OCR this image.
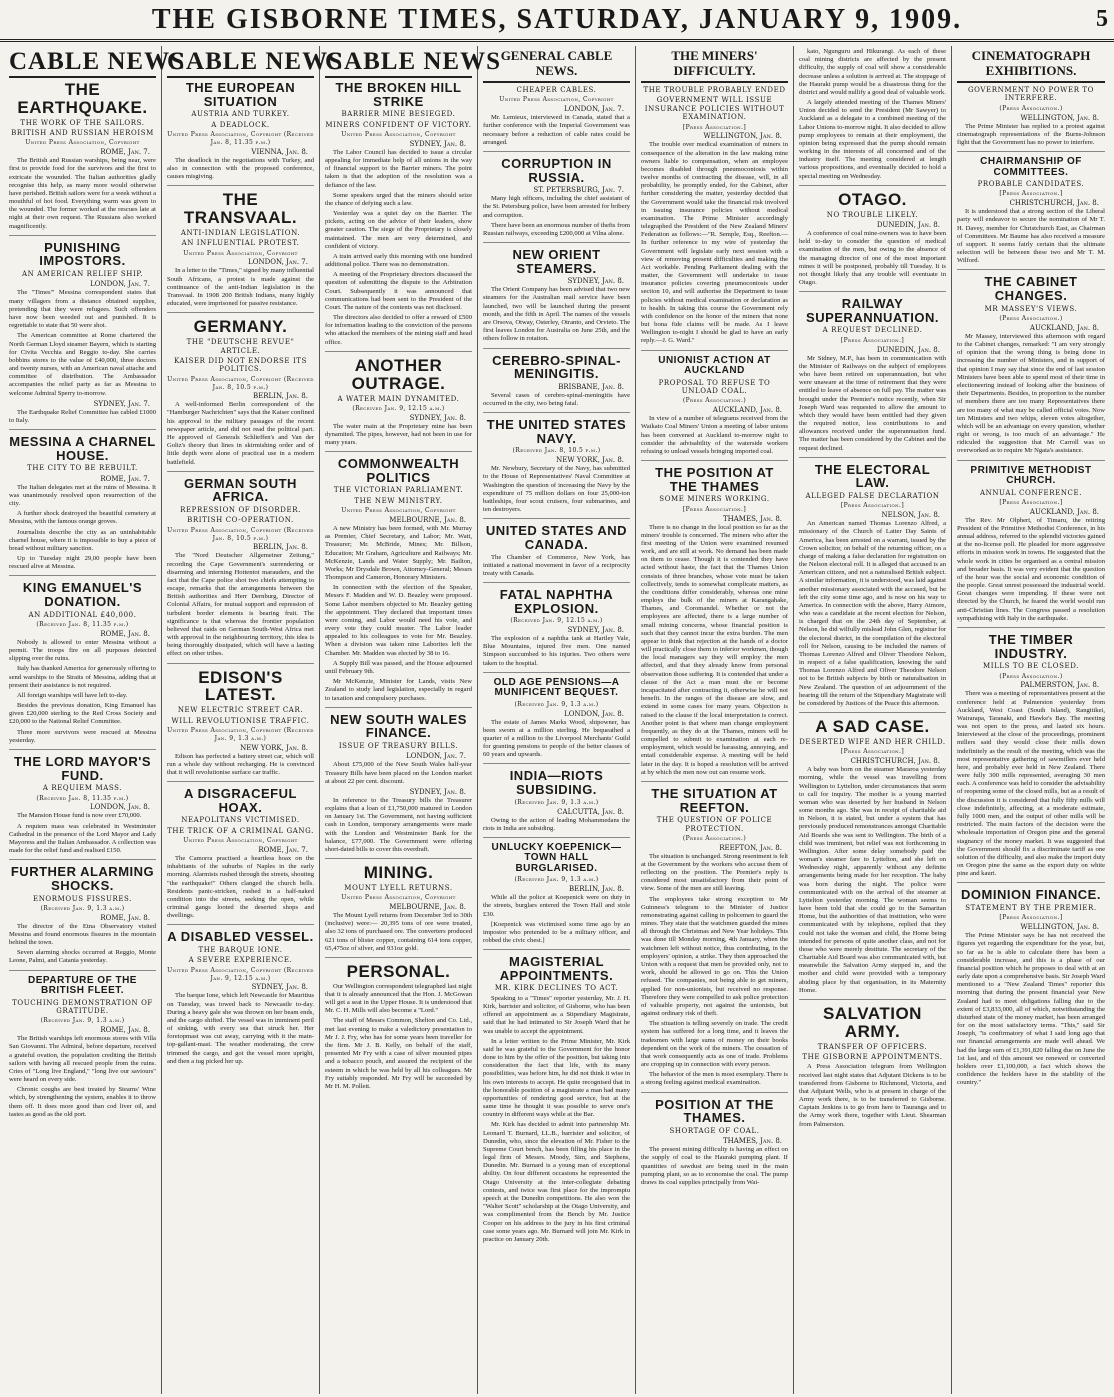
THE GISBORNE TIMES, SATURDAY, JANUARY 9, 1909.	5
CABLE NEWS
THE EARTHQUAKE.
THE WORK OF THE SAILORS.
BRITISH AND RUSSIAN HEROISM
United Press Association, Copyright
ROME, Jan. 7.

The British and Russian warships, being near, were first to provide food for the survivors and the first to extricate the wounded. The Italian authorities gladly recognise this help, as many more would otherwise have perished. British sailors were for a week without a mouthful of hot food. Everything warm was given to the wounded. The former worked at the rescues late at night at their own request. The Russians also worked magnificently.

PUNISHING IMPOSTORS.
AN AMERICAN RELIEF SHIP.
LONDON, Jan. 7.

The "Times'" Messina correspondent states that many villagers from a distance obtained supplies, pretending that they were refugees. Such offenders have now been weeded out and punished. It is regrettable to state that 50 were shot.

The American committee at Rome chartered the North German Lloyd steamer Bayern, which is starting for Civita Vecchia and Reggio to-day. She carries bobbins stores to the value of £40,000, three doctors and twenty nurses, with an American naval attache and committee of distribution. The Ambassador accompanies the relief party as far as Messina to welcome Admiral Sperry to-morrow.

SYDNEY, Jan. 7.

The Earthquake Relief Committee has cabled £1000 to Italy.

MESSINA A CHARNEL HOUSE.
THE CITY TO BE REBUILT.
ROME, Jan. 7.

The Italian delegates met at the ruins of Messina. It was unanimously resolved upon resurrection of the city.

A further shock destroyed the beautiful cemetery at Messina, with the famous orange groves.

Journalists describe the city as an uninhabitable charnel house, where it is impossible to buy a piece of bread without military sanction.

Up to Tuesday night 29,00 people have been rescued alive at Messina.

KING EMANUEL'S DONATION.
AN ADDITIONAL £40,000.
(Received Jan. 8, 11.35 p.m.)
ROME, Jan. 8.

Nobody is allowed to enter Messina without a permit. The troops fire on all purposes detected slipping over the ruins.

Italy has thanked America for generously offering to send warships to the Straits of Messina, adding that at present their assistance is not required.

All foreign warships will have left to-day.

Besides the previous donation, King Emanuel has given £20,000 sterling to the Red Cross Society and £20,000 to the National Relief Committee.

Three more survivors were rescued at Messina yesterday.

THE LORD MAYOR'S FUND.
A REQUIEM MASS.
(Received Jan. 8, 11.35 p.m.)
LONDON, Jan. 8.

The Mansion House fund is now over £70,000.

A requiem mass was celebrated in Westminster Cathedral in the presence of the Lord Mayor and Lady Mayoress and the Italian Ambassador. A collection was made for the relief fund and realised £150.

FURTHER ALARMING SHOCKS.
ENORMOUS FISSURES.
(Received Jan. 9, 1.3 a.m.)
ROME, Jan. 8.

The director of the Etna Observatory visited Messina and found enormous fissures in the mountain behind the town.

Seven alarming shocks occurred at Reggio, Monte Leone, Palmi, and Catania yesterday.

DEPARTURE OF THE BRITISH FLEET.
TOUCHING DEMONSTRATION OF GRATITUDE.
(Received Jan. 9, 1.3 a.m.)
ROME, Jan. 8.

The British warships left enormous stores with Villa San Giovanni. The Admiral, before departure, received a grateful ovation, the population crediting the British sailors with having all rescued people from the ruins. Cries of "Long live England," "long live our saviours" were heard on every side.

Chronic coughs are best treated by Stearns' Wine which, by strengthening the system, enables it to throw them off. It does more good than cod liver oil, and tastes as good as the old port.

CABLE NEWS
THE EUROPEAN SITUATION
AUSTRIA AND TURKEY.
A DEADLOCK.
United Press Association, Copyright (Received Jan. 8, 11.35 p.m.)
VIENNA, Jan. 8.

The deadlock in the negotiations with Turkey, and also in connection with the proposed conference, causes misgiving.

THE TRANSVAAL.
ANTI-INDIAN LEGISLATION.
AN INFLUENTIAL PROTEST.
United Press Association, Copyright
LONDON, Jan. 7.

In a letter to the "Times," signed by many influential South Africans, a protest is made against the continuance of the anti-Indian legislation in the Transvaal. In 1908 200 British Indians, many highly educated, were imprisoned for passive resistance.

GERMANY.
THE "DEUTSCHE REVUE" ARTICLE.
KAISER DID NOT ENDORSE ITS POLITICS.
United Press Association, Copyright (Received Jan. 8, 10.5 p.m.)
BERLIN, Jan. 8.

A well-informed Berlin correspondent of the "Hamburger Nachrichten" says that the Kaiser confined his approval to the military passages of the recent newspaper article, and did not read the political part. He approved of Generals Schlieffen's and Van der Goltz's theory that lines in skirmishing order and of little depth were alone of practical use in a modern battlefield.

GERMAN SOUTH AFRICA.
REPRESSION OF DISORDER.
BRITISH CO-OPERATION.
United Press Association, Copyright (Received Jan. 8, 10.5 p.m.)
BERLIN, Jan. 8.

The "Nord Deutscher Allgemeiner Zeitung," recording the Cape Government's surrendering or disarming and interning Hottentot marauders, and the fact that the Cape police shot two chiefs attempting to escape, remarks that the arrangements between the British authorities and Herr Dernburg, Director of Colonial Affairs, for mutual support and repression of turbulent border elements is bearing fruit. The significance is that whereas the frontier population believed that raids on German South-West Africa met with approval in the neighbouring territory, this idea is being thoroughly dissipated, which will have a lasting effect on other tribes.

EDISON'S LATEST.
NEW ELECTRIC STREET CAR.
WILL REVOLUTIONISE TRAFFIC.
United Press Association, Copyright (Received Jan. 9, 1.3 a.m.)
NEW YORK, Jan. 8.

Edison has perfected a battery street car, which will run a whole day without recharging. He is convinced that it will revolutionise surface car traffic.

A DISGRACEFUL HOAX.
NEAPOLITANS VICTIMISED.
THE TRICK OF A CRIMINAL GANG.
United Press Association, Copyright
ROME, Jan. 7.

The Camorra practised a heartless hoax on the inhabitants of the suburbs of Naples in the early morning. Alarmists rushed through the streets, shouting "the earthquake!" Others clanged the church bells. Residents panic-stricken, rushed in a half-naked condition into the streets, seeking the open, while criminal gangs looted the deserted shops and dwellings.

A DISABLED VESSEL.
THE BARQUE IONE.
A SEVERE EXPERIENCE.
United Press Association, Copyright (Received Jan. 9, 12.15 a.m.)
SYDNEY, Jan. 8.

The barque Ione, which left Newcastle for Mauritius on Tuesday, was towed back to Newcastle to-day. During a heavy gale she was thrown on her beam ends, and the cargo shifted. The vessel was in imminent peril of sinking, with every sea that struck her. Her foretopmast was cut away, carrying with it the main-top-gallant-mast. The weather moderating, the crew trimmed the cargo, and got the vessel more upright, and then a tug picked her up.

CABLE NEWS
THE BROKEN HILL STRIKE
BARRIER MINE BESIEGED.
MINERS CONFIDENT OF VICTORY.
United Press Association, Copyright
SYDNEY, Jan. 8.

The Labor Council has decided to issue a circular appealing for immediate help of all unions in the way of financial support to the Barrier miners. The point taken is that the adoption of the resolution was a defiance of the law.

Some speakers urged that the miners should seize the chance of defying such a law.

Yesterday was a quiet day on the Barrier. The pickets, acting on the advice of their leaders, show greater caution. The siege of the Proprietary is closely maintained. The men are very determined, and confident of victory.

A train arrived early this morning with one hundred additional police. There was no demonstration.

A meeting of the Proprietary directors discussed the question of submitting the dispute to the Arbitration Court. Subsequently it was announced that communications had been sent to the President of the Court. The nature of the contents was not disclosed.

The directors also decided to offer a reward of £500 for information leading to the conviction of the persons who attacked the members of the mining staff and head office.

ANOTHER OUTRAGE.
A WATER MAIN DYNAMITED.
(Received Jan. 9, 12.15 a.m.)
SYDNEY, Jan. 8.

The water main at the Proprietary mine has been dynamited. The pipes, however, had not been in use for many years.

COMMONWEALTH POLITICS
THE VICTORIAN PARLIAMENT.
THE NEW MINISTRY.
United Press Association, Copyright
MELBOURNE, Jan. 8.

A new Ministry has been formed, with Mr. Murray as Premier, Chief Secretary, and Labor; Mr. Watt, Treasurer; Mr. McBride, Mines; Mr. Billson, Education; Mr Graham, Agriculture and Railways; Mr. McKenzie, Lands and Water Supply; Mr. Bailton, Works; Mr Drysdale Brown, Attorney-General; Messrs Thompson and Cameron, Honorary Ministers.

In connection with the election of the Speaker, Messrs F. Madden and W. D. Beazley were proposed. Some Labor members objected to Mr. Beazley getting the appointment. They declared that important times were coming, and Labor would need his vote, and every vote they could muster. The Labor leader appealed to his colleagues to vote for Mr. Beazley. When a division was taken nine Laborites left the Chamber. Mr. Madden was elected by 38 to 16.

A Supply Bill was passed, and the House adjourned until February 9th.

Mr McKenzie, Minister for Lands, visits New Zealand to study land legislation, especially in regard to taxation and compulsory purchases.

NEW SOUTH WALES FINANCE.
ISSUE OF TREASURY BILLS.
LONDON, Jan. 7.

About £75,000 of the New South Wales half-year Treasury Bills have been placed on the London market at about 22 per cent. discount.

SYDNEY, Jan. 8.

In reference to the Treasury bills the Treasurer explains that a loan of £1,750,000 matured in London on January 1st. The Government, not having sufficient cash in London, temporary arrangements were made with the London and Westminster Bank for the balance, £77,000. The Government were offering short-dated bills to cover this overdraft.

MINING.
MOUNT LYELL RETURNS.
United Press Association, Copyright
MELBOURNE, Jan. 8.

The Mount Lyell returns from December 3rd to 30th (inclusive) were:— 20,395 tons of ore were treated, also 32 tons of purchased ore. The converters produced 621 tons of blister copper, containing 614 tons copper, 65,475oz of silver, and 931oz gold.

PERSONAL.

Our Wellington correspondent telegraphed last night that it is already announced that the Hon. J. McGowan will get a seat in the Upper House. It is understood that Mr. C. H. Mills will also become a "Lord."

The staff of Messrs Common, Shelton and Co. Ltd., met last evening to make a valedictory presentation to Mr J. J. Fry, who has for some years been traveller for the firm. Mr J. B. Kelly, on behalf of the staff, presented Mr Fry with a case of silver mounted pipes and a tobacco pouch, and assured the recipient of the esteem in which he was held by all his colleagues. Mr Fry suitably responded. Mr Fry will be succeeded by Mr H. M. Pollett.

GENERAL CABLE NEWS.
CHEAPER CABLES.
United Press Association, Copyright
LONDON, Jan. 7.

Mr. Lemieux, interviewed in Canada, stated that a further conference with the Imperial Government was necessary before a reduction of cable rates could be arranged.

CORRUPTION IN RUSSIA.
ST. PETERSBURG, Jan. 7.

Many high officers, including the chief assistant of the St. Petersburg police, have been arrested for bribery and corruption.

There have been an enormous number of thefts from Russian railways, exceeding £200,000 at Vilna alone.

NEW ORIENT STEAMERS.
SYDNEY, Jan. 8.

The Orient Company has been advised that two new steamers for the Australian mail service have been launched, two will be launched during the present month, and the fifth in April. The names of the vessels are Orsova, Otway, Osterley, Otranto, and Orvieto. The first leaves London for Australia on June 25th, and the others follow in rotation.

CEREBRO-SPINAL-MENINGITIS.
BRISBANE, Jan. 8.

Several cases of cerebro-spinal-meningitis have occurred in the city, two being fatal.

THE UNITED STATES NAVY.
(Received Jan. 8, 10.5 p.m.)
NEW YORK, Jan. 8.

Mr. Newbury, Secretary of the Navy, has submitted to the House of Representatives' Naval Committee at Washington the question of increasing the Navy by the expenditure of 75 million dollars on four 25,000-ton battleships, four scout cruisers, four submarines, and ten destroyers.

UNITED STATES AND CANADA.

The Chamber of Commerce, New York, has initiated a national movement in favor of a reciprocity treaty with Canada.

FATAL NAPHTHA EXPLOSION.
(Received Jan. 9, 12.15 a.m.)
SYDNEY, Jan. 8.

The explosion of a naphtha tank at Hartley Vale, Blue Mountains, injured five men. One named Simpson succumbed to his injuries. Two others were taken to the hospital.

OLD AGE PENSIONS—A MUNIFICENT BEQUEST.
(Received Jan. 9, 1.3 a.m.)
LONDON, Jan. 8.

The estate of James Marks Wood, shipowner, has been sworn at a million sterling. He bequeathed a quarter of a million to the Liverpool Merchants' Guild for granting pensions to people of the better classes of 60 years and upwards.

INDIA—RIOTS SUBSIDING.
(Received Jan. 9, 1.3 a.m.)
CALCUTTA, Jan. 8.

Owing to the action of leading Mohammedans the riots in India are subsiding.

UNLUCKY KOEPENICK—TOWN HALL BURGLARISED.
(Received Jan. 9, 1.3 a.m.)
BERLIN, Jan. 8.

While all the police at Koepenick were on duty in the streets, burglars entered the Town Hall and stole £30.

[Koepenick was victimised some time ago by an impostor who pretended to be a military officer, and robbed the civic chest.]

MAGISTERIAL APPOINTMENTS.
MR. KIRK DECLINES TO ACT.

Speaking to a "Times" reporter yesterday, Mr. J. H. Kirk, barrister and solicitor, of Gisborne, who has been offered an appointment as a Stipendiary Magistrate, said that he had intimated to Sir Joseph Ward that he was unable to accept the appointment.

In a letter written to the Prime Minister, Mr. Kirk said he was grateful to the Government for the honor done to him by the offer of the position, but taking into consideration the fact that life, with its many possibilities, was before him, he did not think it wise in his own interests to accept. He quite recognised that in the honorable position of a magistrate a man had many opportunities of rendering good service, but at the same time he thought it was possible to serve one's country in different ways while at the Bar.

Mr. Kirk has decided to admit into partnership Mr. Leonard T. Burnard, LL.B., barrister and solicitor, of Dunedin, who, since the elevation of Mr. Fisher to the Supreme Court bench, has been filling his place in the legal firm of Messrs. Moody, Sim, and Stephens, Dunedin. Mr. Burnard is a young man of exceptional ability. On four different occasions he represented the Otago University at the inter-collegiate debating contests, and twice was first place for the impromptu speech at the Dunedin competitions. He also won the "Walter Scott" scholarship at the Otago University, and was complimented from the Bench by Mr. Justice Cooper on his address to the jury in his first criminal case some years ago. Mr. Burnard will join Mr. Kirk in practice on January 20th.

THE MINERS' DIFFICULTY.
THE TROUBLE PROBABLY ENDED
GOVERNMENT WILL ISSUE INSURANCE POLICIES WITHOUT EXAMINATION.
[Press Association.]
WELLINGTON, Jan. 8.

The trouble over medical examination of miners in consequence of the alteration in the law making mine owners liable to compensation, when an employee becomes disabled through pneumoconiosis within twelve months of contracting the disease, will, in all probability, be promptly ended, for the Cabinet, after further considering the matter, yesterday decided that the Government would take the financial risk involved in issuing insurance policies without medical examination. The Prime Minister accordingly telegraphed the President of the New Zealand Miners' Federation as follows:—"R. Semple, Esq., Reefton.—In further reference to my wire of yesterday the Government will legislate early next session with a view of removing present difficulties and making the Act workable. Pending Parliament dealing with the matter, the Government will undertake to issue insurance policies covering pneumoconiosis under section 10, and will authorise the Department to issue policies without medical examination or declaration as to health. In taking this course the Government rely with confidence on the honor of the miners that none but bona fide claims will be made. As I leave Wellington to-night I should be glad to have an early reply.—J. G. Ward."

UNIONIST ACTION AT AUCKLAND
PROPOSAL TO REFUSE TO UNLOAD COAL.
(Press Association.)
AUCKLAND, Jan. 8.

In view of a number of telegrams received from the Waikato Coal Miners' Union a meeting of labor unions has been convened at Auckland to-morrow night to consider the advisability of the waterside workers refusing to unload vessels bringing imported coal.

THE POSITION AT THE THAMES
SOME MINERS WORKING.
[Press Association.]
THAMES, Jan. 8.

There is no change in the local position so far as the miners' trouble is concerned. The miners who after the first meeting of the Union were examined resumed work, and are still at work. No demand has been made on them to cease. Though it is contended they have acted without haste, the fact that the Thames Union consists of three branches, whose vote must be taken collectively, tends to somewhat complicate matters, as the conditions differ considerably, whereas one mine employs the bulk of the miners at Karangahake, Thames, and Coromandel. Whether or not the employees are affected, there is a large number of small mining concerns, whose financial position is such that they cannot incur the extra burden. The men appear to think that rejection at the hands of a doctor will practically close them to inferior workmen, though the local managers say they will employ the men affected, and that they already know from personal observation those suffering. It is contended that under a clause of the Act a man must die or become incapacitated after contracting it, otherwise he will not benefit. In the ranges of the disease are slow, and extend in some cases for many years. Objection is raised to the clause if the local interpretation is correct. Another point is that where man change employment frequently, as they do at the Thames, miners will be compelled to submit to examination at each re-employment, which would be harassing, annoying, and entail considerable expense. A meeting will be held later in the day. It is hoped a resolution will be arrived at by which the men now out can resume work.

THE SITUATION AT REEFTON.
THE QUESTION OF POLICE PROTECTION.
(Press Association.)
REEFTON, Jan. 8.

The situation is unchanged. Strong resentment is felt at the Government by the workers who accuse them of reflecting on the position. The Premier's reply is considered most unsatisfactory from their point of view. Some of the men are still leaving.

The employees take strong exception to Mr Guinness's telegram to the Minister of Justice remonstrating against calling in policemen to guard the mines. They state that the watchmen guarded the mines all through the Christmas and New Year holidays. This was done till Monday morning, 4th January, when the watchmen left without notice, thus contributing, in the employers' opinion, a strike. They then approached the Union with a request that men be provided only, not to work, should be allowed to go on. This the Union refused. The companies, not being able to get miners, applied for non-unionists, but received no response. Therefore they were compelled to ask police protection of valuable property, not against the unionists, but against ordinary risk of theft.

The situation is telling severely on trade. The credit system has suffered for a long time, and it leaves the tradesmen with large sums of money on their books dependent on the work of the miners. The cessation of that work consequently acts as one of trade. Problems are cropping up in connection with every person.

The behavior of the men is most exemplary. There is a strong feeling against medical examination.

POSITION AT THE THAMES.
SHORTAGE OF COAL.
THAMES, Jan. 8.

The present mining difficulty is having an effect on the supply of coal to the Hauraki pumping plant. If quantities of sawdust are being used in the main pumping plant, so as to economise the coal. The pump draws its coal supplies principally from Wai-

kato, Ngunguru and Hikurangi. As each of these coal mining districts are affected by the present difficulty, the supply of coal will show a considerable decrease unless a solution is arrived at. The stoppage of the Hauraki pump would be a disastrous thing for the district and would nullify a good deal of valuable work.

A largely attended meeting of the Thames Miners' Union decided to send the President (Mr Sawyer) to Auckland as a delegate to a combined meeting of the Labor Unions to-morrow night. It also decided to allow pump employees to remain at their employment, the opinion being expressed that the pump should remain working in the interests of all concerned and of the industry itself. The meeting considered at length various propositions, and eventually decided to hold a special meeting on Wednesday.

OTAGO.
NO TROUBLE LIKELY.
DUNEDIN, Jan. 8.

A conference of coal mine-owners was to have been held to-day to consider the question of medical examination of the men, but owing to the absence of the managing director of one of the most important mines it will be postponed, probably till Tuesday. It is not thought likely that any trouble will eventuate in Otago.

RAILWAY SUPERANNUATION.
A REQUEST DECLINED.
[Press Association.]
DUNEDIN, Jan. 8.

Mr Sidney, M.P., has been in communication with the Minister of Railways on the subject of employees who have been retired on superannuation, but who were unaware at the time of retirement that they were entitled to leave of absence on full pay. The matter was brought under the Premier's notice recently, when Sir Joseph Ward was requested to allow the amount to which they would have been entitled had they given the required notice, less contributions to and allowances received under the superannuation fund. The matter has been considered by the Cabinet and the request declined.

THE ELECTORAL LAW.
ALLEGED FALSE DECLARATION
[Press Association.]
NELSON, Jan. 8.

An American named Thomas Lorenzo Alfred, a missionary of the Church of Latter Day Saints of America, has been arrested on a warrant, issued by the Crown solicitor, on behalf of the returning officer, on a charge of making a false declaration for registration on the Nelson electoral roll. It is alleged that accused is an American citizen, and not a naturalised British subject. A similar information, it is understood, was laid against another missionary associated with the accused, but he left the city some time ago, and is now on his way to America. In connection with the above, Harry Atmore, who was a candidate at the recent election for Nelson, is charged that on the 24th day of September, at Nelson, he did wilfully mislead John Glen, registrar for the electoral district, in the compilation of the electoral roll for Nelson, causing to be included the names of Thomas Lorenzo Alfred and Oliver Theodore Nelson, in respect of a false qualification, knowing the said Thomas Lorenzo Alfred and Oliver Theodore Nelson not to be British subjects by birth or naturalisation in New Zealand. The question of an adjournment of the hearing till the return of the Stipendiary Magistrate will be considered by Justices of the Peace this afternoon.

A SAD CASE.
DESERTED WIFE AND HER CHILD.
[Press Association.]
CHRISTCHURCH, Jan. 8.

A baby was born on the steamer Mararoa yesterday morning, while the vessel was travelling from Wellington to Lyttelton, under circumstances that seem to call for inquiry. The mother is a young married woman who was deserted by her husband in Nelson some months ago. She was in receipt of charitable aid in Nelson, it is stated, but under a system that has previously produced remonstrances amongst Charitable Aid Boards she was sent to Wellington. The birth of a child was imminent, but relief was not forthcoming in Wellington. After some delay somebody paid the woman's steamer fare to Lyttelton, and she left on Wednesday night, apparently without any definite arrangements being made for her reception. The baby was born during the night. The police were communicated with on the arrival of the steamer at Lyttelton yesterday morning. The woman seems to have been told that she could go to the Samaritan Home, but the authorities of that institution, who were communicated with by telephone, replied that they could not take the woman and child, the Home being intended for persons of quite another class, and not for those who were merely destitute. The secretary of the Charitable Aid Board was also communicated with, but meanwhile the Salvation Army stepped in, and the mother and child were provided with a temporary abiding place by that organisation, in its Maternity Home.

SALVATION ARMY.
TRANSFER OF OFFICERS.
THE GISBORNE APPOINTMENTS.

A Press Association telegram from Wellington received last night states that Adjutant Dickens is to be transferred from Gisborne to Richmond, Victoria, and that Adjutant Wells, who is at present in charge of the Army work there, is to be transferred to Gisborne. Captain Jenkins is to go from here to Tauranga and to the Army work there, together with Lieut. Shearman from Palmerston.

CINEMATOGRAPH EXHIBITIONS.
GOVERNMENT NO POWER TO INTERFERE.
(Press Association.)
WELLINGTON, Jan. 8.

The Prime Minister has replied to a protest against cinematograph representations of the Burns-Johnson fight that the Government has no power to interfere.

CHAIRMANSHIP OF COMMITTEES.
PROBABLE CANDIDATES.
[Press Association.]
CHRISTCHURCH, Jan. 8.

It is understood that a strong section of the Liberal party will endeavor to secure the nomination of Mr T. H. Davey, member for Christchurch East, as Chairman of Committees. Mr Baume has also received a measure of support. It seems fairly certain that the ultimate selection will be between these two and Mr T. M. Wilford.

THE CABINET CHANGES.
MR MASSEY'S VIEWS.
(Press Association.)
AUCKLAND, Jan. 8.

Mr Massey, interviewed this afternoon with regard to the Cabinet changes, remarked: "I am very strongly of opinion that the wrong thing is being done in increasing the number of Ministers, and in support of that opinion I may say that since the end of last session Ministers have been able to spend most of their time in electioneering instead of looking after the business of their Departments. Besides, in proportion to the number of members there are too many Representatives there are too many of what may be called official votes. Now ten Ministers and two whips, eleven votes altogether, which will be an advantage on every question, whether right or wrong, is too much of an advantage." He ridiculed the suggestion that Mr Carroll was so overworked as to require Mr Ngata's assistance.

PRIMITIVE METHODIST CHURCH.
ANNUAL CONFERENCE.
[Press Association.]
AUCKLAND, Jan. 8.

The Rev. Mr Olphert, of Timaru, the retiring President of the Primitive Methodist Conference, in his annual address, referred to the splendid victories gained at the no-license poll. He pleaded for more aggressive efforts in mission work in towns. He suggested that the whole work in cities be organised as a central mission and broader basis. It was very evident that the question of the hour was the social and economic condition of the people. Great unrest possessed the industrial world. Great changes were impending. If these were not directed by the Church, he feared the world would run anti-Christian lines. The Congress passed a resolution sympathising with Italy in the earthquake.

THE TIMBER INDUSTRY.
MILLS TO BE CLOSED.
(Press Association.)
PALMERSTON, Jan. 8.

There was a meeting of representatives present at the conference held at Palmerston yesterday from Auckland, West Coast (South Island), Rangitikei, Wairarapa, Taranaki, and Hawke's Bay. The meeting was not open to the press, and lasted six hours. Interviewed at the close of the proceedings, prominent millers said they would close their mills down indefinitely as the result of the meeting, which was the most representative gathering of sawmillers ever held here, and probably ever held in New Zealand. There were fully 300 mills represented, averaging 30 men each. A conference was held to consider the advisability of reopening some of the closed mills, but as a result of the discussion it is considered that fully fifty mills will close indefinitely, affecting, at a moderate estimate, fully 1000 men, and the output of other mills will be restricted. The main factors of the decision were the wholesale importation of Oregon pine and the general stagnancy of the money market. It was suggested that the Government should fix a discriminate tariff as one solution of the difficulty, and also make the import duty on Oregon pine the same as the export duty on white pine and kauri.

DOMINION FINANCE.
STATEMENT BY THE PREMIER.
[Press Association.]
WELLINGTON, Jan. 8.

The Prime Minister says he has not received the figures yet regarding the expenditure for the year, but, so far as he is able to calculate there has been a considerable increase, and this is a phase of our financial position which he proposes to deal with at an early date upon a comprehensive basis. Sir Joseph Ward mentioned to a "New Zealand Times" reporter this morning that during the present financial year New Zealand had to meet obligations falling due to the extent of £3,833,000, all of which, notwithstanding the disturbed state of the money market, has been arranged for on the most satisfactory terms. "This," said Sir Joseph, "is confirmatory of what I said long ago that our financial arrangements are made well ahead. We had the large sum of £1,391,820 falling due on June the 1st last, and of this amount we renewed or converted holders over £1,100,000, a fact which shows the confidence the holders have in the stability of the country."
